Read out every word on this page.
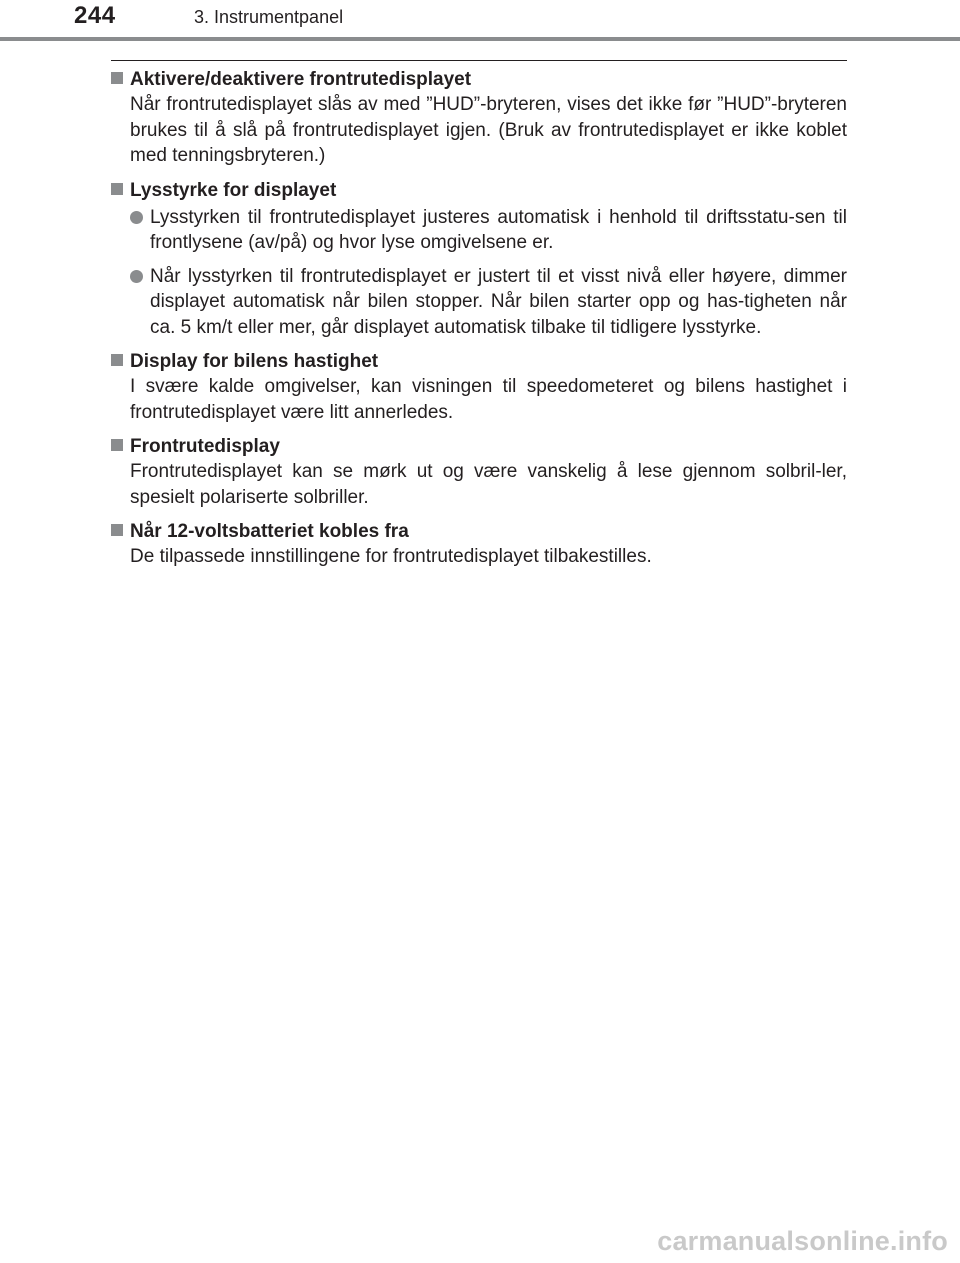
244	3. Instrumentpanel
Aktivere/deaktivere frontrutedisplayet

Når frontrutedisplayet slås av med ”HUD”-bryteren, vises det ikke før ”HUD”-bryteren brukes til å slå på frontrutedisplayet igjen. (Bruk av frontrutedisplayet er ikke koblet med tenningsbryteren.)

Lysstyrke for displayet
Lysstyrken til frontrutedisplayet justeres automatisk i henhold til driftsstatu-sen til frontlysene (av/på) og hvor lyse omgivelsene er.
Når lysstyrken til frontrutedisplayet er justert til et visst nivå eller høyere, dimmer displayet automatisk når bilen stopper. Når bilen starter opp og has-tigheten når ca. 5 km/t eller mer, går displayet automatisk tilbake til tidligere lysstyrke.
Display for bilens hastighet

I svære kalde omgivelser, kan visningen til speedometeret og bilens hastighet i frontrutedisplayet være litt annerledes.

Frontrutedisplay

Frontrutedisplayet kan se mørk ut og være vanskelig å lese gjennom solbril-ler, spesielt polariserte solbriller.

Når 12-voltsbatteriet kobles fra

De tilpassede innstillingene for frontrutedisplayet tilbakestilles.

carmanualsonline.info
